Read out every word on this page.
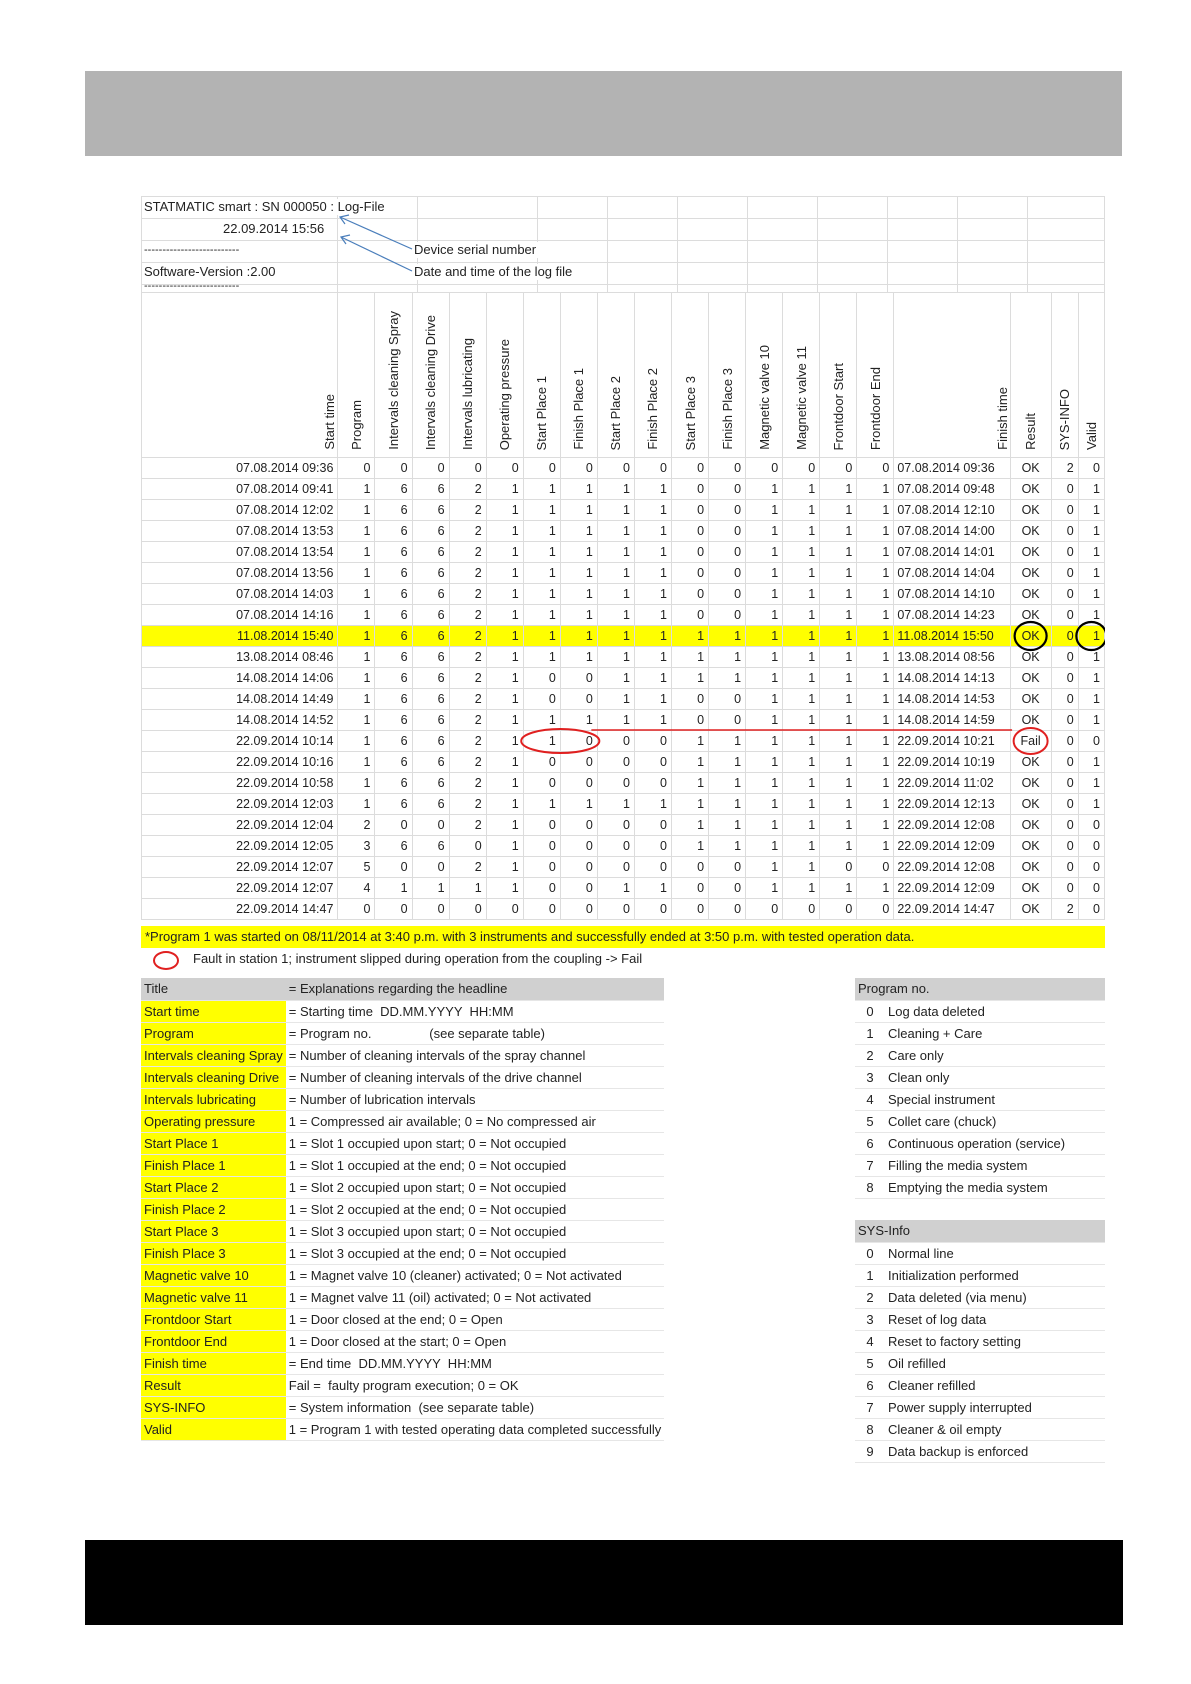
STATMATIC smart : SN 000050 : Log-File
22.09.2014 15:56
--------------------------
Software-Version :2.00
--------------------------
Device serial number
Date and time of the log file
Start time	Program	Intervals cleaning Spray	Intervals cleaning Drive	Intervals lubricating	Operating pressure	Start Place 1	Finish Place 1	Start Place 2	Finish Place 2	Start Place 3	Finish Place 3	Magnetic valve 10	Magnetic valve 11	Frontdoor Start	Frontdoor End	Finish time	Result	SYS-INFO	Valid
07.08.2014 09:36	0	0	0	0	0	0	0	0	0	0	0	0	0	0	0	07.08.2014 09:36	OK	2	0
07.08.2014 09:41	1	6	6	2	1	1	1	1	1	0	0	1	1	1	1	07.08.2014 09:48	OK	0	1
07.08.2014 12:02	1	6	6	2	1	1	1	1	1	0	0	1	1	1	1	07.08.2014 12:10	OK	0	1
07.08.2014 13:53	1	6	6	2	1	1	1	1	1	0	0	1	1	1	1	07.08.2014 14:00	OK	0	1
07.08.2014 13:54	1	6	6	2	1	1	1	1	1	0	0	1	1	1	1	07.08.2014 14:01	OK	0	1
07.08.2014 13:56	1	6	6	2	1	1	1	1	1	0	0	1	1	1	1	07.08.2014 14:04	OK	0	1
07.08.2014 14:03	1	6	6	2	1	1	1	1	1	0	0	1	1	1	1	07.08.2014 14:10	OK	0	1
07.08.2014 14:16	1	6	6	2	1	1	1	1	1	0	0	1	1	1	1	07.08.2014 14:23	OK	0	1
11.08.2014 15:40	1	6	6	2	1	1	1	1	1	1	1	1	1	1	1	11.08.2014 15:50	OK	0	1
13.08.2014 08:46	1	6	6	2	1	1	1	1	1	1	1	1	1	1	1	13.08.2014 08:56	OK	0	1
14.08.2014 14:06	1	6	6	2	1	0	0	1	1	1	1	1	1	1	1	14.08.2014 14:13	OK	0	1
14.08.2014 14:49	1	6	6	2	1	0	0	1	1	0	0	1	1	1	1	14.08.2014 14:53	OK	0	1
14.08.2014 14:52	1	6	6	2	1	1	1	1	1	0	0	1	1	1	1	14.08.2014 14:59	OK	0	1
22.09.2014 10:14	1	6	6	2	1	1	0	0	0	1	1	1	1	1	1	22.09.2014 10:21	Fail	0	0
22.09.2014 10:16	1	6	6	2	1	0	0	0	0	1	1	1	1	1	1	22.09.2014 10:19	OK	0	1
22.09.2014 10:58	1	6	6	2	1	0	0	0	0	1	1	1	1	1	1	22.09.2014 11:02	OK	0	1
22.09.2014 12:03	1	6	6	2	1	1	1	1	1	1	1	1	1	1	1	22.09.2014 12:13	OK	0	1
22.09.2014 12:04	2	0	0	2	1	0	0	0	0	1	1	1	1	1	1	22.09.2014 12:08	OK	0	0
22.09.2014 12:05	3	6	6	0	1	0	0	0	0	1	1	1	1	1	1	22.09.2014 12:09	OK	0	0
22.09.2014 12:07	5	0	0	2	1	0	0	0	0	0	0	1	1	0	0	22.09.2014 12:08	OK	0	0
22.09.2014 12:07	4	1	1	1	1	0	0	1	1	0	0	1	1	1	1	22.09.2014 12:09	OK	0	0
22.09.2014 14:47	0	0	0	0	0	0	0	0	0	0	0	0	0	0	0	22.09.2014 14:47	OK	2	0
*Program 1 was started on 08/11/2014 at 3:40 p.m. with 3 instruments and successfully ended at 3:50 p.m. with tested operation data.
Fault in station 1; instrument slipped during operation from the coupling -> Fail
Title	= Explanations regarding the headline
Start time	= Starting time  DD.MM.YYYY  HH:MM
Program	= Program no.                (see separate table)
Intervals cleaning Spray	= Number of cleaning intervals of the spray channel
Intervals cleaning Drive	= Number of cleaning intervals of the drive channel
Intervals lubricating	= Number of lubrication intervals
Operating pressure	1 = Compressed air available; 0 = No compressed air
Start Place 1	1 = Slot 1 occupied upon start; 0 = Not occupied
Finish Place 1	1 = Slot 1 occupied at the end; 0 = Not occupied
Start Place 2	1 = Slot 2 occupied upon start; 0 = Not occupied
Finish Place 2	1 = Slot 2 occupied at the end; 0 = Not occupied
Start Place 3	1 = Slot 3 occupied upon start; 0 = Not occupied
Finish Place 3	1 = Slot 3 occupied at the end; 0 = Not occupied
Magnetic valve 10	1 = Magnet valve 10 (cleaner) activated; 0 = Not activated
Magnetic valve 11	1 = Magnet valve 11 (oil) activated; 0 = Not activated
Frontdoor Start	1 = Door closed at the end; 0 = Open
Frontdoor End	1 = Door closed at the start; 0 = Open
Finish time	= End time  DD.MM.YYYY  HH:MM
Result	Fail =  faulty program execution; 0 = OK
SYS-INFO	= System information  (see separate table)
Valid	1 = Program 1 with tested operating data completed successfully
Program no.	
0	Log data deleted
1	Cleaning + Care
2	Care only
3	Clean only
4	Special instrument
5	Collet care (chuck)
6	Continuous operation (service)
7	Filling the media system
8	Emptying the media system
SYS-Info	
0	Normal line
1	Initialization performed
2	Data deleted (via menu)
3	Reset of log data
4	Reset to factory setting
5	Oil refilled
6	Cleaner refilled
7	Power supply interrupted
8	Cleaner & oil empty
9	Data backup is enforced
